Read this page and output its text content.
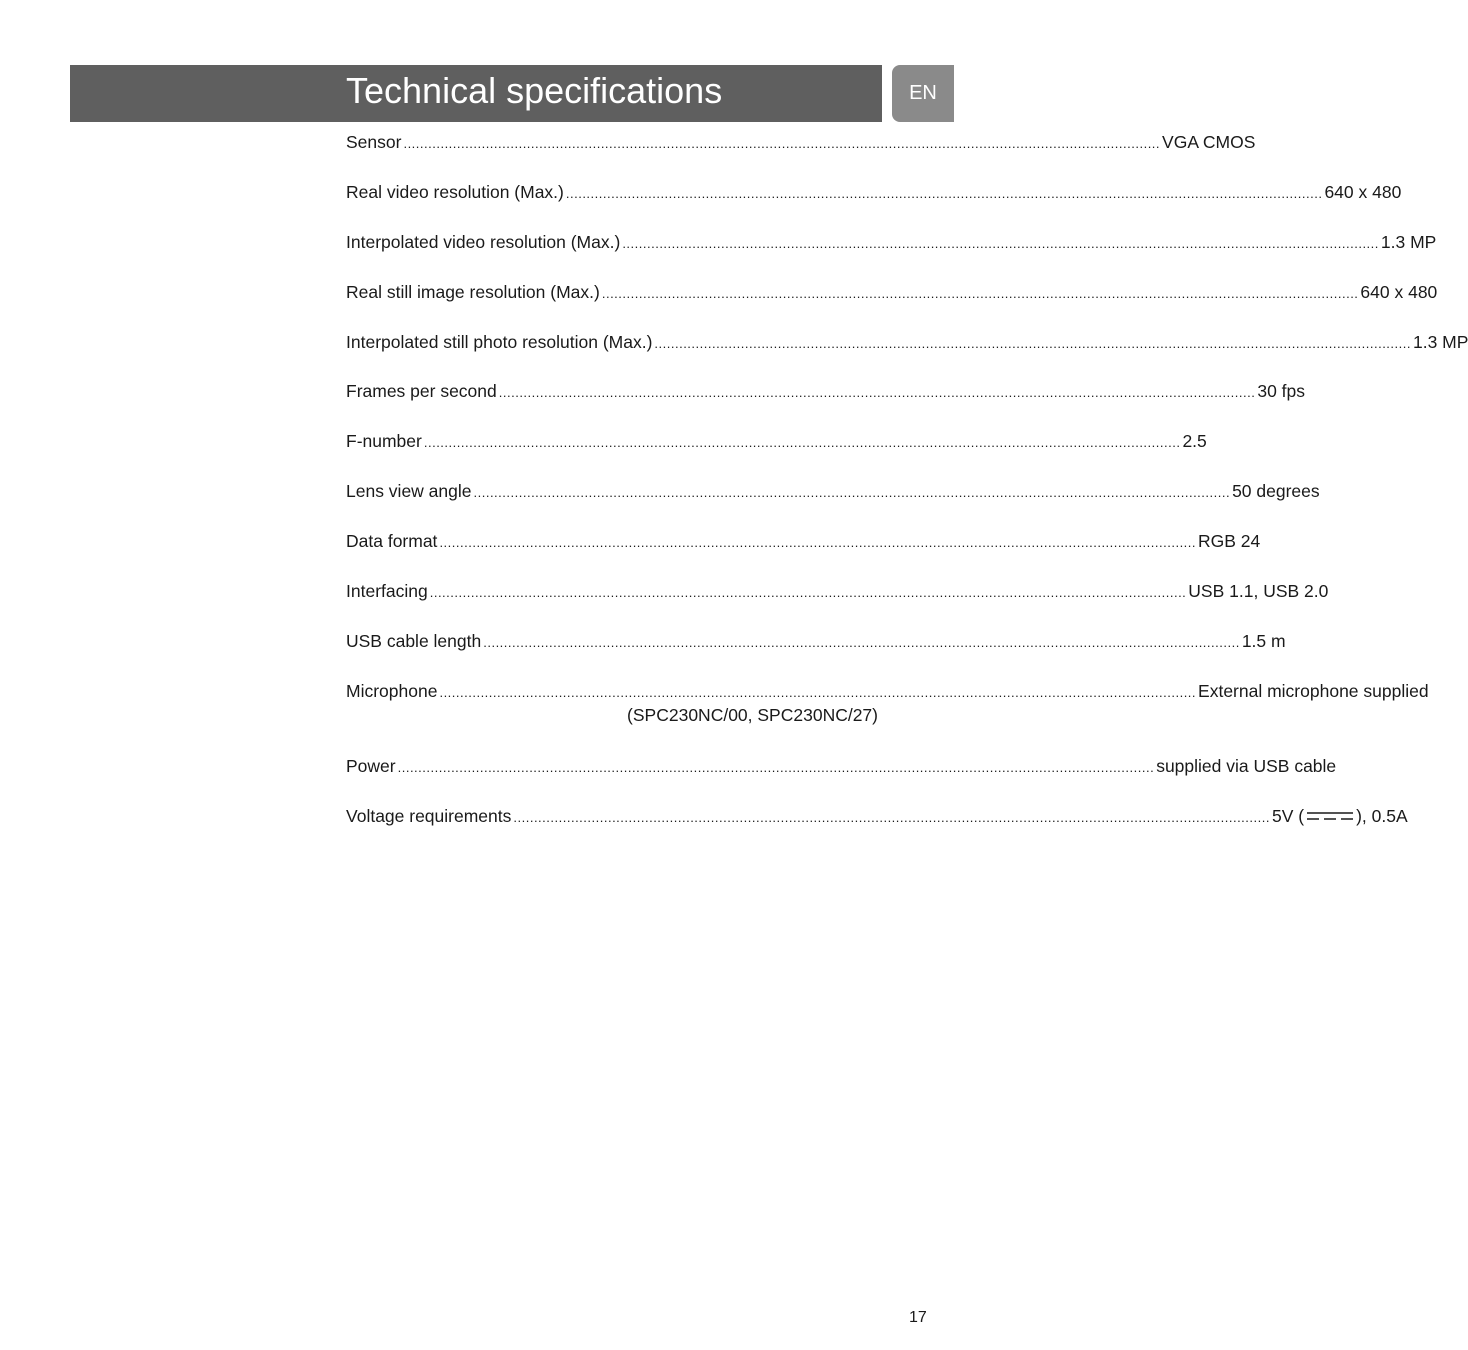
Technical specifications	EN
Sensor ........................................................................................................................................................................................ VGA CMOS
Real video resolution (Max.) ........................................................................................................................................................................................ 640 x 480
Interpolated video resolution (Max.) ........................................................................................................................................................................................ 1.3 MP
Real still image resolution (Max.) ........................................................................................................................................................................................ 640 x 480
Interpolated still photo resolution (Max.) ........................................................................................................................................................................................ 1.3 MP
Frames per second ........................................................................................................................................................................................ 30 fps
F-number ........................................................................................................................................................................................ 2.5
Lens view angle ........................................................................................................................................................................................ 50 degrees
Data format ........................................................................................................................................................................................ RGB 24
Interfacing ........................................................................................................................................................................................ USB 1.1, USB 2.0
USB cable length ........................................................................................................................................................................................ 1.5 m
Microphone ........................................................................................................................................................................................ External microphone supplied
(SPC230NC/00, SPC230NC/27)
Power ........................................................................................................................................................................................ supplied via USB cable
Voltage requirements ........................................................................................................................................................................................ 5V (	), 0.5A
17
